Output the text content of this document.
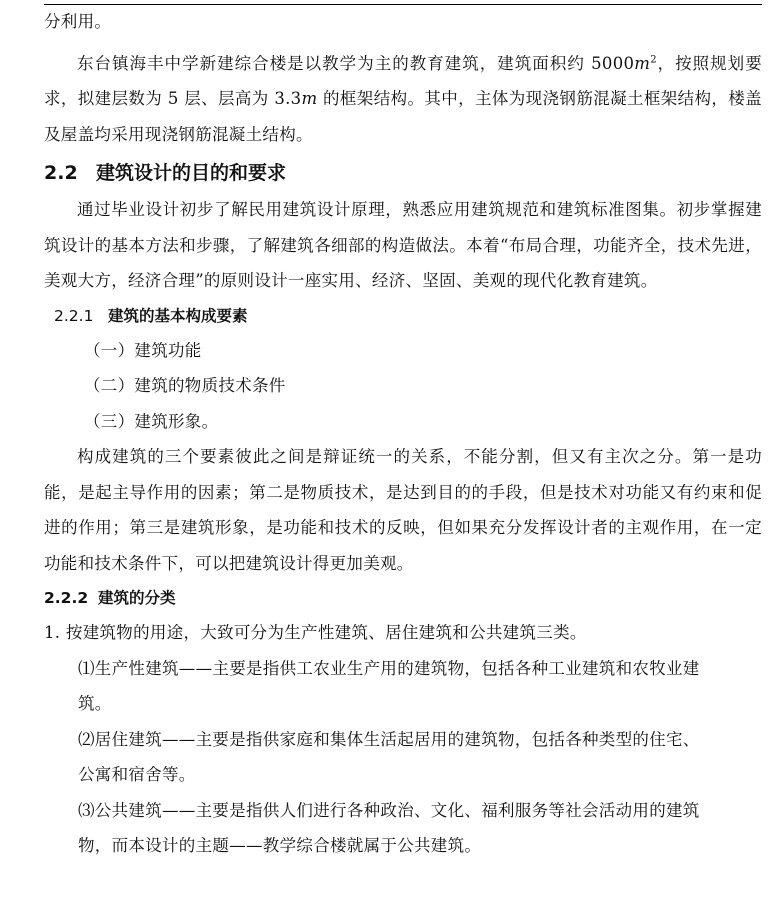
分利用。

东台镇海丰中学新建综合楼是以教学为主的教育建筑，建筑面积约 $5000m^2$，按照规划要求，拟建层数为 5 层、层高为 3.3m 的框架结构。其中，主体为现浇钢筋混凝土框架结构，楼盖及屋盖均采用现浇钢筋混凝土结构。

2.2 建筑设计的目的和要求

通过毕业设计初步了解民用建筑设计原理，熟悉应用建筑规范和建筑标准图集。初步掌握建筑设计的基本方法和步骤，了解建筑各细部的构造做法。本着“布局合理，功能齐全，技术先进，美观大方，经济合理”的原则设计一座实用、经济、坚固、美观的现代化教育建筑。

2.2.1 建筑的基本构成要素

（一）建筑功能

（二）建筑的物质技术条件

（三）建筑形象。

构成建筑的三个要素彼此之间是辩证统一的关系，不能分割，但又有主次之分。第一是功能，是起主导作用的因素；第二是物质技术，是达到目的的手段，但是技术对功能又有约束和促进的作用；第三是建筑形象，是功能和技术的反映，但如果充分发挥设计者的主观作用，在一定功能和技术条件下，可以把建筑设计得更加美观。

2.2.2 建筑的分类

1. 按建筑物的用途，大致可分为生产性建筑、居住建筑和公共建筑三类。

⑴生产性建筑——主要是指供工农业生产用的建筑物，包括各种工业建筑和农牧业建
筑。

⑵居住建筑——主要是指供家庭和集体生活起居用的建筑物，包括各种类型的住宅、
公寓和宿舍等。

⑶公共建筑——主要是指供人们进行各种政治、文化、福利服务等社会活动用的建筑
物，而本设计的主题——教学综合楼就属于公共建筑。
